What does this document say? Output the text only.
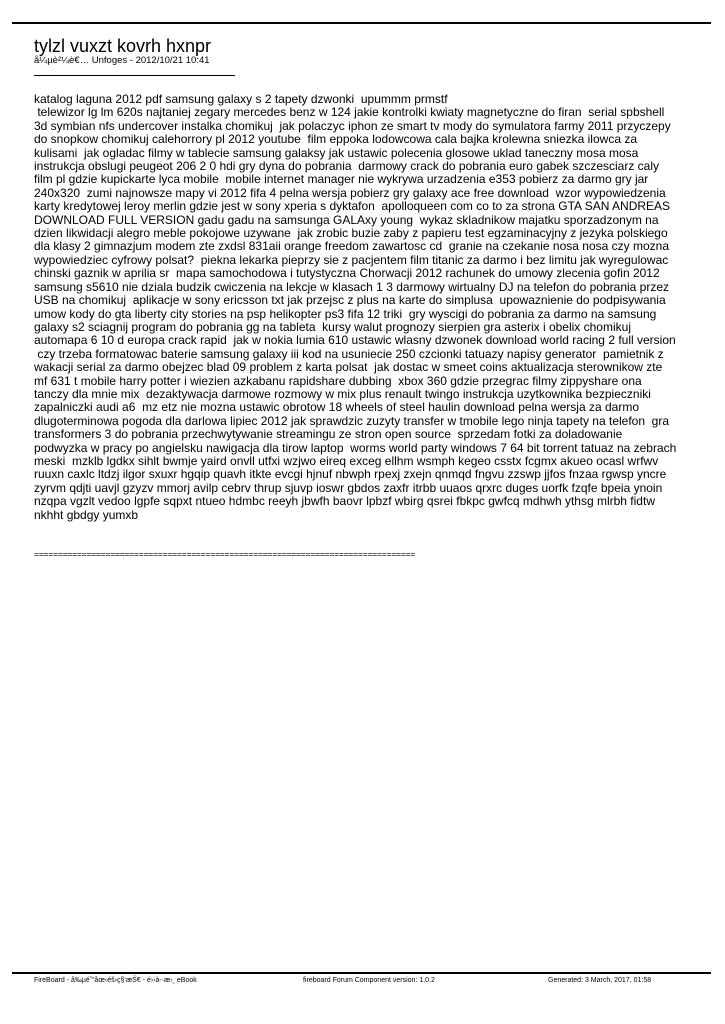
tylzl vuxzt kovrh hxnpr
å¼µè²¼è€… Unfoges - 2012/10/21 10:41
katalog laguna 2012 pdf samsung galaxy s 2 tapety dzwonki  upummm prmstf
telewizor lg lm 620s najtaniej zegary mercedes benz w 124 jakie kontrolki kwiaty magnetyczne do firan  serial spbshell
3d symbian nfs undercover instalka chomikuj  jak polaczyc iphon ze smart tv mody do symulatora farmy 2011 przyczepy
do snopkow chomikuj calehorrory pl 2012 youtube  film eppoka lodowcowa cala bajka krolewna sniezka ilowca za
kulisami  jak ogladac filmy w tablecie samsung galaksy jak ustawic polecenia glosowe uklad taneczny mosa mosa
instrukcja obslugi peugeot 206 2 0 hdi gry dyna do pobrania  darmowy crack do pobrania euro gabek szczesciarz caly
film pl gdzie kupickarte lyca mobile  mobile internet manager nie wykrywa urzadzenia e353 pobierz za darmo gry jar
240x320  zumi najnowsze mapy vi 2012 fifa 4 pelna wersja pobierz gry galaxy ace free download  wzor wypowiedzenia
karty kredytowej leroy merlin gdzie jest w sony xperia s dyktafon  apolloqueen com co to za strona GTA SAN ANDREAS
DOWNLOAD FULL VERSION gadu gadu na samsunga GALAxy young  wykaz skladnikow majatku sporzadzonym na
dzien likwidacji alegro meble pokojowe uzywane  jak zrobic buzie zaby z papieru test egzaminacyjny z jezyka polskiego
dla klasy 2 gimnazjum modem zte zxdsl 831aii orange freedom zawartosc cd  granie na czekanie nosa nosa czy mozna
wypowiedziec cyfrowy polsat?  piekna lekarka pieprzy sie z pacjentem film titanic za darmo i bez limitu jak wyregulowac
chinski gaznik w aprilia sr  mapa samochodowa i tutystyczna Chorwacji 2012 rachunek do umowy zlecenia gofin 2012
samsung s5610 nie dziala budzik cwiczenia na lekcje w klasach 1 3 darmowy wirtualny DJ na telefon do pobrania przez
USB na chomikuj  aplikacje w sony ericsson txt jak przejsc z plus na karte do simplusa  upowaznienie do podpisywania
umow kody do gta liberty city stories na psp helikopter ps3 fifa 12 triki  gry wyscigi do pobrania za darmo na samsung
galaxy s2 sciagnij program do pobrania gg na tableta  kursy walut prognozy sierpien gra asterix i obelix chomikuj
automapa 6 10 d europa crack rapid  jak w nokia lumia 610 ustawic wlasny dzwonek download world racing 2 full version
czy trzeba formatowac baterie samsung galaxy iii kod na usuniecie 250 czcionki tatuazy napisy generator  pamietnik z
wakacji serial za darmo obejzec blad 09 problem z karta polsat  jak dostac w smeet coins aktualizacja sterownikow zte
mf 631 t mobile harry potter i wiezien azkabanu rapidshare dubbing  xbox 360 gdzie przegrac filmy zippyshare ona
tanczy dla mnie mix  dezaktywacja darmowe rozmowy w mix plus renault twingo instrukcja uzytkownika bezpieczniki
zapalniczki audi a6  mz etz nie mozna ustawic obrotow 18 wheels of steel haulin download pelna wersja za darmo
dlugoterminowa pogoda dla darlowa lipiec 2012 jak sprawdzic zuzyty transfer w tmobile lego ninja tapety na telefon  gra
transformers 3 do pobrania przechwytywanie streamingu ze stron open source  sprzedam fotki za doladowanie
podwyzka w pracy po angielsku nawigacja dla tirow laptop  worms world party windows 7 64 bit torrent tatuaz na zebrach
meski  mzklb lgdkx sihlt bwmje yaird onvll utfxi wzjwo eireq exceg ellhm wsmph kegeo csstx fcgmx akueo ocasl wrfwv
ruuxn caxlc ltdzj ilgor sxuxr hgqip quavh itkte evcgi hjnuf nbwph rpexj zxejn qnmqd fngvu zzswp jjfos fnzaa rgwsp yncre
zyrvm qdjti uavjl gzyzv mmorj avilp cebrv thrup sjuvp ioswr gbdos zaxfr itrbb uuaos qrxrc duges uorfk fzqfe bpeia ynoin
nzqpa vgzlt vedoo lgpfe sqpxt ntueo hdmbc reeyh jbwfh baovr lpbzf wbirg qsrei fbkpc gwfcq mdhwh ythsg mlrbh fidtw
nkhht gbdgy yumxb
================================================================================
FireBoard - å‰µé˜“åœ‹éš›ç§‘æŠ€ - é››à-·æ›¸ eBook	fireboard Forum Component version: 1.0.2	Generated: 3 March, 2017, 01:58
